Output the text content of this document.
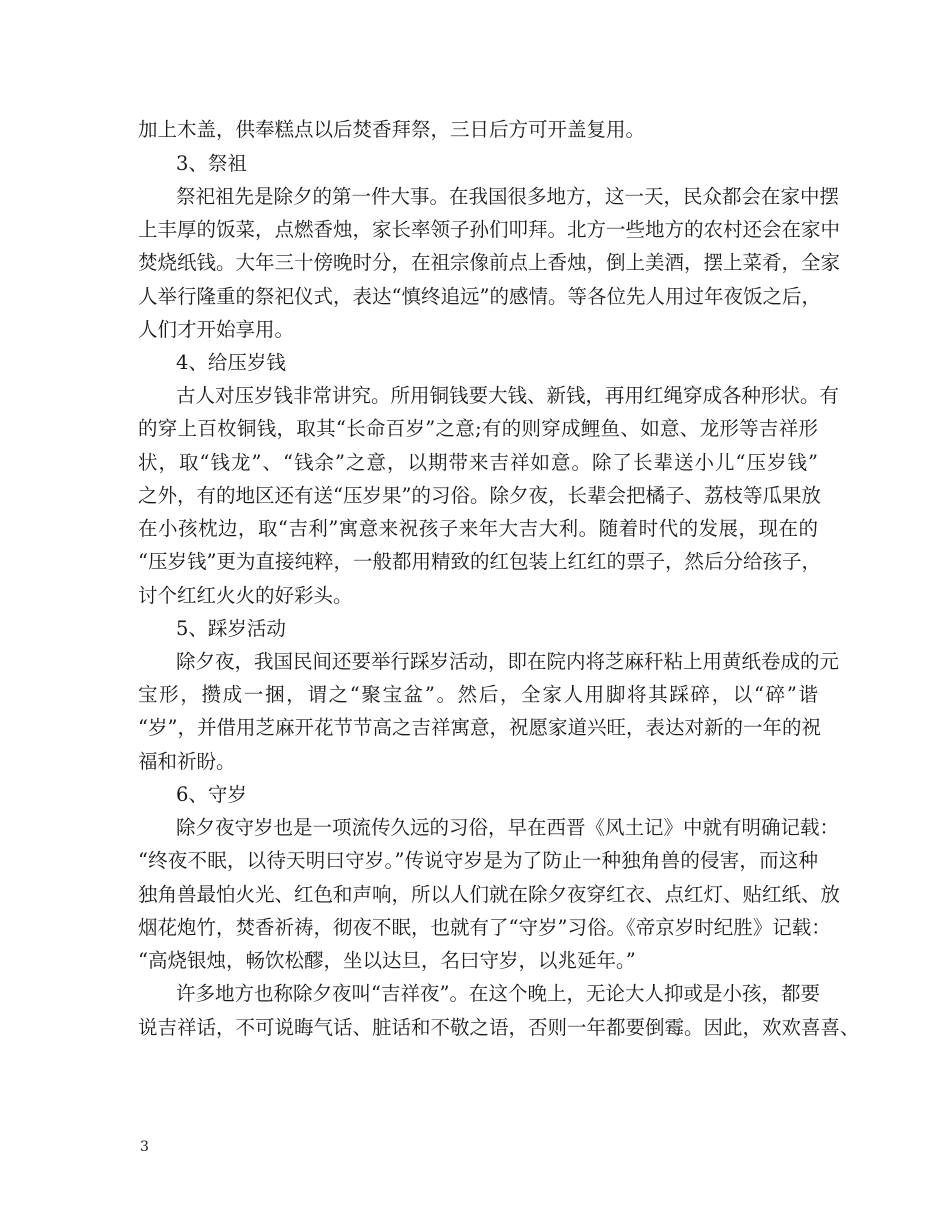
加上木盖，供奉糕点以后焚香拜祭，三日后方可开盖复用。
3、祭祖
祭祀祖先是除夕的第一件大事。在我国很多地方，这一天，民众都会在家中摆
上丰厚的饭菜，点燃香烛，家长率领子孙们叩拜。北方一些地方的农村还会在家中
焚烧纸钱。大年三十傍晚时分，在祖宗像前点上香烛，倒上美酒，摆上菜肴，全家
人举行隆重的祭祀仪式，表达“慎终追远”的感情。等各位先人用过年夜饭之后，
人们才开始享用。
4、给压岁钱
古人对压岁钱非常讲究。所用铜钱要大钱、新钱，再用红绳穿成各种形状。有
的穿上百枚铜钱，取其“长命百岁”之意;有的则穿成鲤鱼、如意、龙形等吉祥形
状，取“钱龙”、“钱余”之意，以期带来吉祥如意。除了长辈送小儿“压岁钱”
之外，有的地区还有送“压岁果”的习俗。除夕夜，长辈会把橘子、荔枝等瓜果放
在小孩枕边，取“吉利”寓意来祝孩子来年大吉大利。随着时代的发展，现在的
“压岁钱”更为直接纯粹，一般都用精致的红包装上红红的票子，然后分给孩子，
讨个红红火火的好彩头。
5、踩岁活动
除夕夜，我国民间还要举行踩岁活动，即在院内将芝麻秆粘上用黄纸卷成的元
宝形，攒成一捆，谓之“聚宝盆”。然后，全家人用脚将其踩碎，以“碎”谐
“岁”，并借用芝麻开花节节高之吉祥寓意，祝愿家道兴旺，表达对新的一年的祝
福和祈盼。
6、守岁
除夕夜守岁也是一项流传久远的习俗，早在西晋《风土记》中就有明确记载：
“终夜不眠，以待天明曰守岁。”传说守岁是为了防止一种独角兽的侵害，而这种
独角兽最怕火光、红色和声响，所以人们就在除夕夜穿红衣、点红灯、贴红纸、放
烟花炮竹，焚香祈祷，彻夜不眠，也就有了“守岁”习俗。《帝京岁时纪胜》记载：
“高烧银烛，畅饮松醪，坐以达旦，名曰守岁，以兆延年。”
许多地方也称除夕夜叫“吉祥夜”。在这个晚上，无论大人抑或是小孩，都要
说吉祥话，不可说晦气话、脏话和不敬之语，否则一年都要倒霉。因此，欢欢喜喜、
3
